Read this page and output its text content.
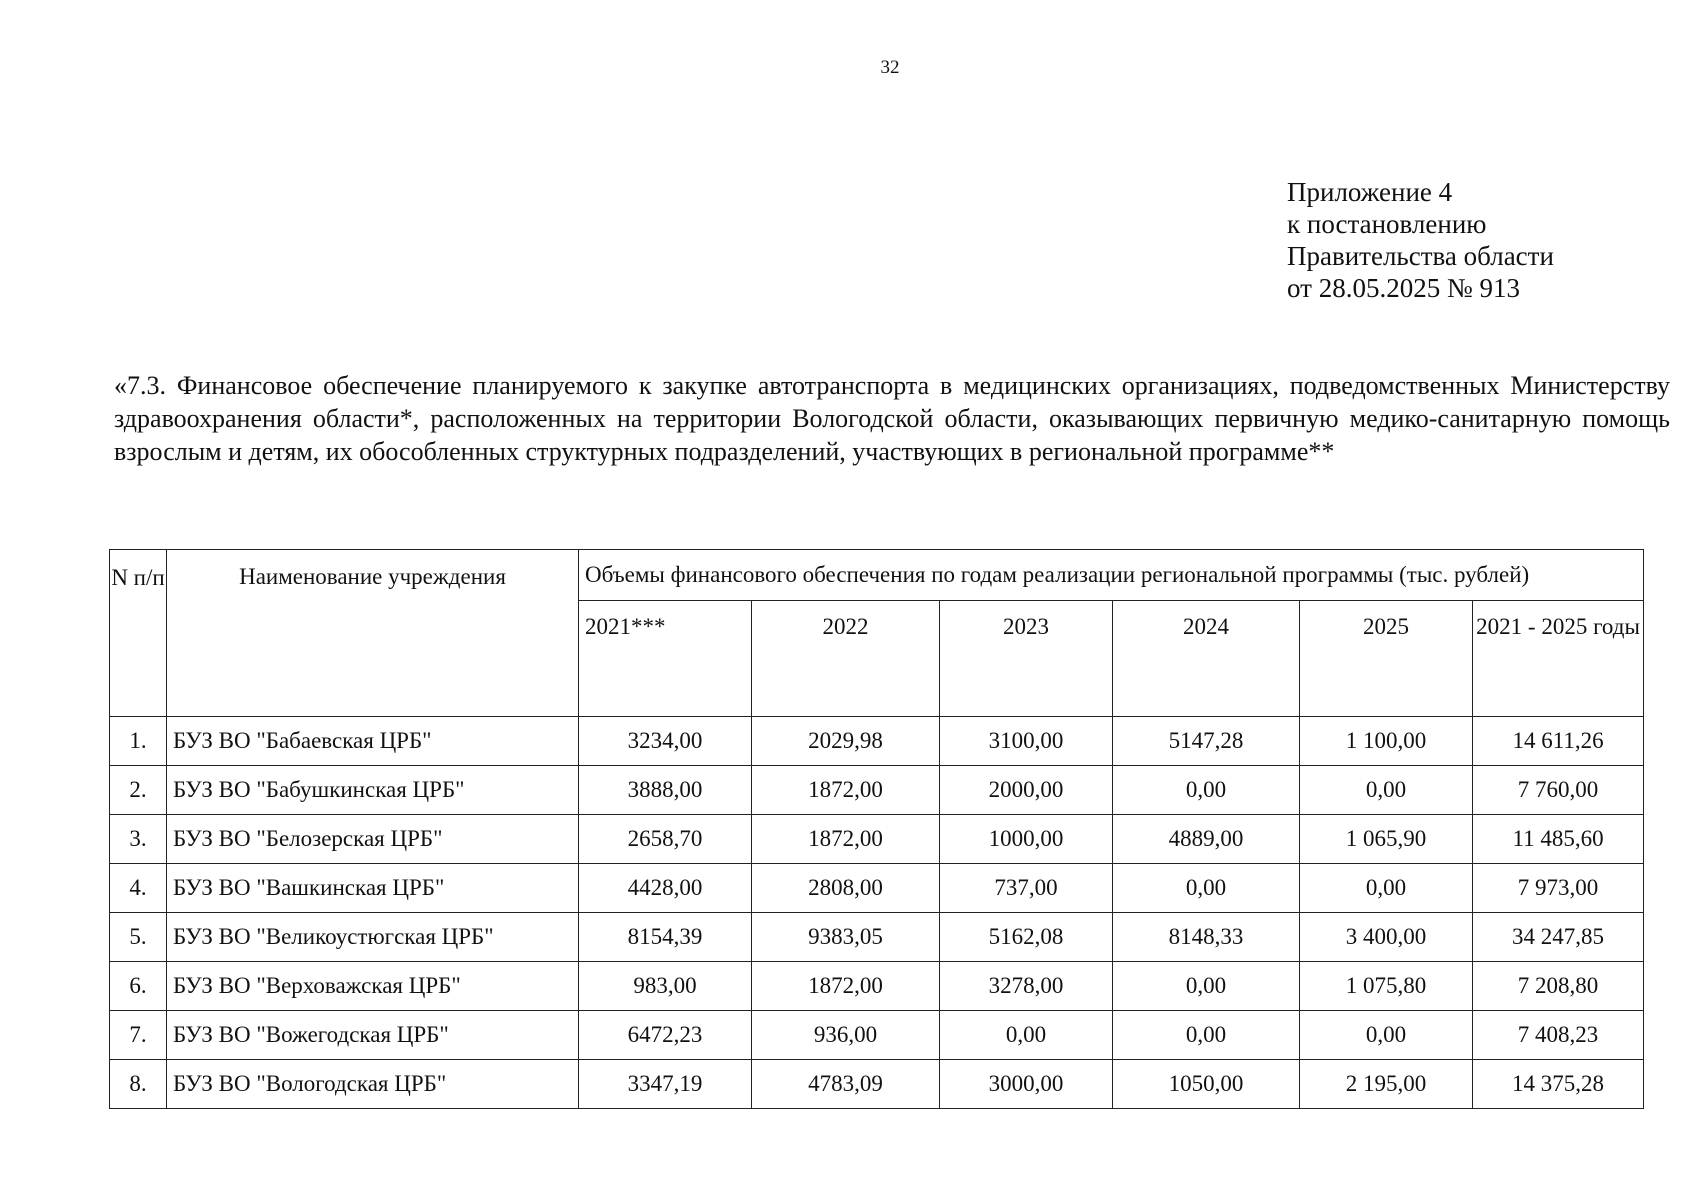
32
Приложение 4
к постановлению
Правительства области
от 28.05.2025 № 913
«7.3. Финансовое обеспечение планируемого к закупке автотранспорта в медицинских организациях, подведомственных Министерству здравоохранения области*, расположенных на территории Вологодской области, оказывающих первичную медико-санитарную помощь взрослым и детям, их обособленных структурных подразделений, участвующих в региональной программе**
N п/п	Наименование учреждения	Объемы финансового обеспечения по годам реализации региональной программы (тыс. рублей)					
		2021***	2022	2023	2024	2025	2021 - 2025 годы
1.	БУЗ ВО "Бабаевская ЦРБ"	3234,00	2029,98	3100,00	5147,28	1 100,00	14 611,26
2.	БУЗ ВО "Бабушкинская ЦРБ"	3888,00	1872,00	2000,00	0,00	0,00	7 760,00
3.	БУЗ ВО "Белозерская ЦРБ"	2658,70	1872,00	1000,00	4889,00	1 065,90	11 485,60
4.	БУЗ ВО "Вашкинская ЦРБ"	4428,00	2808,00	737,00	0,00	0,00	7 973,00
5.	БУЗ ВО "Великоустюгская ЦРБ"	8154,39	9383,05	5162,08	8148,33	3 400,00	34 247,85
6.	БУЗ ВО "Верховажская ЦРБ"	983,00	1872,00	3278,00	0,00	1 075,80	7 208,80
7.	БУЗ ВО "Вожегодская ЦРБ"	6472,23	936,00	0,00	0,00	0,00	7 408,23
8.	БУЗ ВО "Вологодская ЦРБ"	3347,19	4783,09	3000,00	1050,00	2 195,00	14 375,28
